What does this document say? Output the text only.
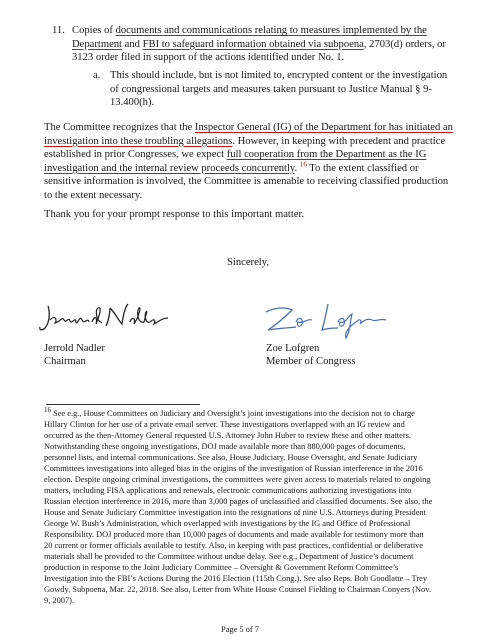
11. Copies of documents and communications relating to measures implemented by the
Department and FBI to safeguard information obtained via subpoena, 2703(d) orders, or
3123 order filed in support of the actions identified under No. 1.
a. This should include, but is not limited to, encrypted content or the investigation
of congressional targets and measures taken pursuant to Justice Manual § 9-
13.400(h).
The Committee recognizes that the Inspector General (IG) of the Department for has initiated an
investigation into these troubling allegations. However, in keeping with precedent and practice
established in prior Congresses, we expect full cooperation from the Department as the IG
investigation and the internal review proceeds concurrently. $^{16}$ To the extent classified or
sensitive information is involved, the Committee is amenable to receiving classified production
to the extent necessary.
Thank you for your prompt response to this important matter.
Sincerely,
Jerrold Nadler
Chairman
Zoe Lofgren
Member of Congress
$^{16}$ See e.g., House Committees on Judiciary and Oversight’s joint investigations into the decision not to charge
Hillary Clinton for her use of a private email server. These investigations overlapped with an IG review and
occurred as the then-Attorney General requested U.S. Attorney John Huber to review these and other matters.
Notwithstanding these ongoing investigations, DOJ made available more than 880,000 pages of documents,
personnel lists, and internal communications. See also, House Judiciary, House Oversight, and Senate Judiciary
Committees investigations into alleged bias in the origins of the investigation of Russian interference in the 2016
election. Despite ongoing criminal investigations, the committees were given access to materials related to ongoing
matters, including FISA applications and renewals, electronic communications authorizing investigations into
Russian election interference in 2016, more than 3,000 pages of unclassified and classified documents. See also, the
House and Senate Judiciary Committee investigation into the resignations of nine U.S. Attorneys during President
George W. Bush’s Administration, which overlapped with investigations by the IG and Office of Professional
Responsibility. DOJ produced more than 10,000 pages of documents and made available for testimony more than
20 current or former officials available to testify. Also, in keeping with past practices, confidential or deliberative
materials shall be provided to the Committee without undue delay. See e.g., Department of Justice’s document
production in response to the Joint Judiciary Committee – Oversight & Government Reform Committee’s
Investigation into the FBI’s Actions During the 2016 Election (115th Cong.). See also Reps. Bob Goodlatte – Trey
Gowdy, Subpoena, Mar. 22, 2018. See also, Letter from White House Counsel Fielding to Chairman Conyers (Nov.
9, 2007).
Page 5 of 7
